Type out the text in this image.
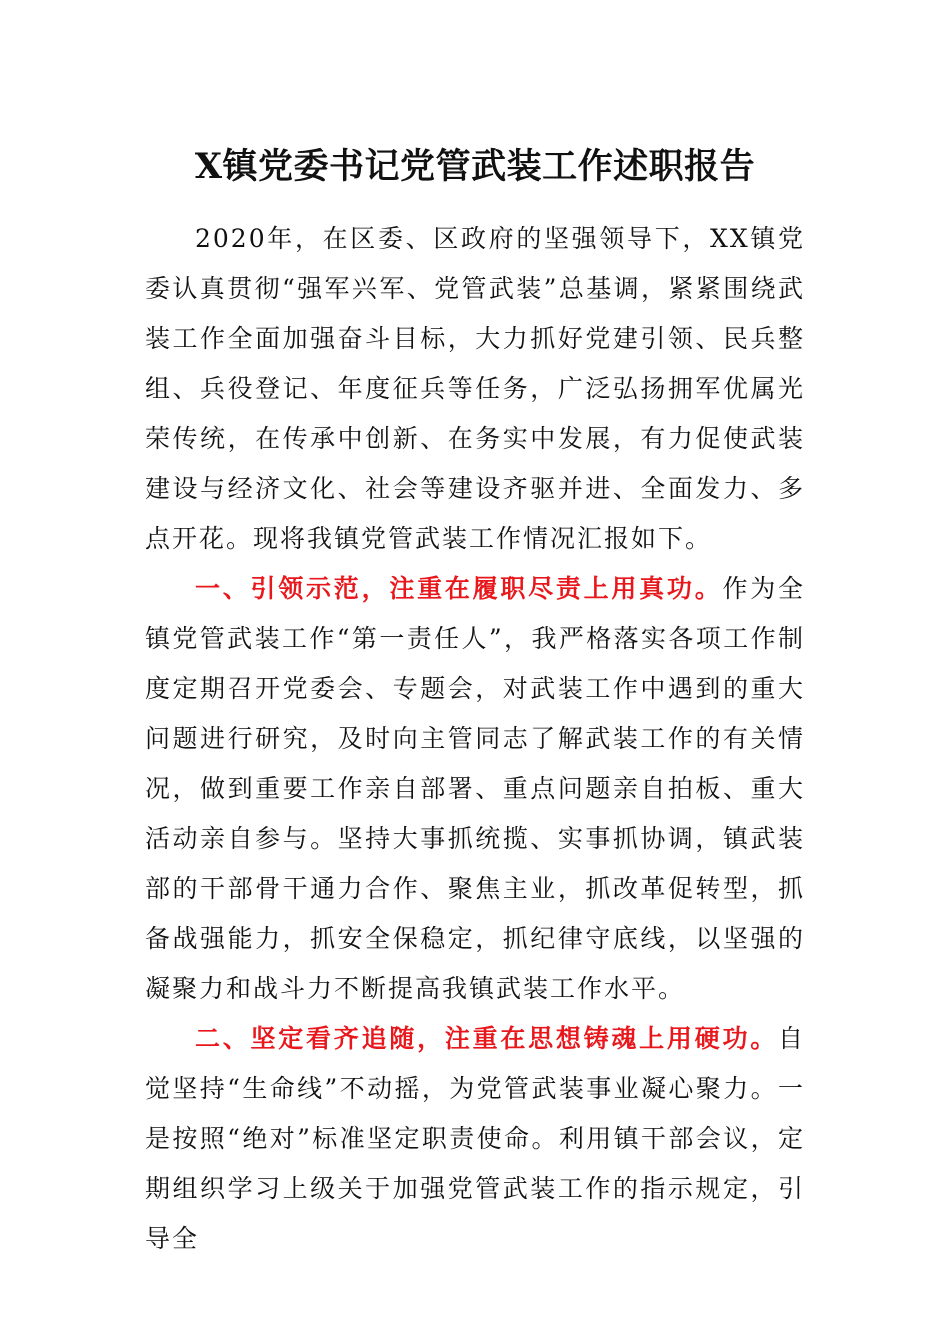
X镇党委书记党管武装工作述职报告

2020年，在区委、区政府的坚强领导下，XX镇党委认真贯彻“强军兴军、党管武装”总基调，紧紧围绕武装工作全面加强奋斗目标，大力抓好党建引领、民兵整组、兵役登记、年度征兵等任务，广泛弘扬拥军优属光荣传统，在传承中创新、在务实中发展，有力促使武装建设与经济文化、社会等建设齐驱并进、全面发力、多点开花。现将我镇党管武装工作情况汇报如下。

一、引领示范，注重在履职尽责上用真功。作为全镇党管武装工作“第一责任人”，我严格落实各项工作制度定期召开党委会、专题会，对武装工作中遇到的重大问题进行研究，及时向主管同志了解武装工作的有关情况，做到重要工作亲自部署、重点问题亲自拍板、重大活动亲自参与。坚持大事抓统揽、实事抓协调，镇武装部的干部骨干通力合作、聚焦主业，抓改革促转型，抓备战强能力，抓安全保稳定，抓纪律守底线，以坚强的凝聚力和战斗力不断提高我镇武装工作水平。

二、坚定看齐追随，注重在思想铸魂上用硬功。自觉坚持“生命线”不动摇，为党管武装事业凝心聚力。一是按照“绝对”标准坚定职责使命。利用镇干部会议，定期组织学习上级关于加强党管武装工作的指示规定，引导全
